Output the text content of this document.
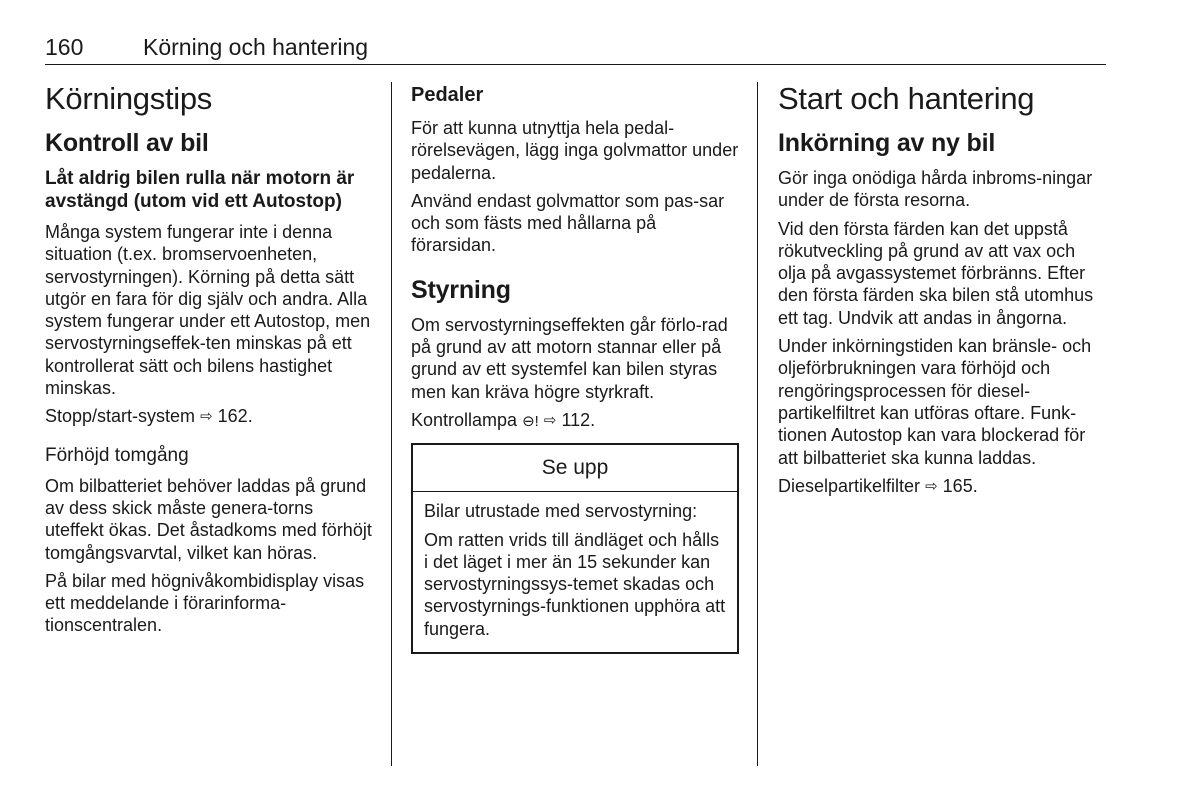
160	Körning och hantering
Körningstips
Kontroll av bil
Låt aldrig bilen rulla när motorn är avstängd (utom vid ett Autostop)

Många system fungerar inte i denna situation (t.ex. bromservoenheten, servostyrningen). Körning på detta sätt utgör en fara för dig själv och andra. Alla system fungerar under ett Autostop, men servostyrningseffek-ten minskas på ett kontrollerat sätt och bilens hastighet minskas.

Stopp/start-system ⇨ 162.

Förhöjd tomgång

Om bilbatteriet behöver laddas på grund av dess skick måste genera-torns uteffekt ökas. Det åstadkoms med förhöjt tomgångsvarvtal, vilket kan höras.

På bilar med högnivåkombidisplay visas ett meddelande i förarinforma-tionscentralen.

Pedaler

För att kunna utnyttja hela pedal-rörelsevägen, lägg inga golvmattor under pedalerna.

Använd endast golvmattor som pas-sar och som fästs med hållarna på förarsidan.

Styrning

Om servostyrningseffekten går förlo-rad på grund av att motorn stannar eller på grund av ett systemfel kan bilen styras men kan kräva högre styrkraft.

Kontrollampa ⊖! ⇨ 112.

Se upp

Bilar utrustade med servostyrning:

Om ratten vrids till ändläget och hålls i det läget i mer än 15 sekunder kan servostyrningssys-temet skadas och servostyrnings-funktionen upphöra att fungera.

Start och hantering
Inkörning av ny bil

Gör inga onödiga hårda inbroms-ningar under de första resorna.

Vid den första färden kan det uppstå rökutveckling på grund av att vax och olja på avgassystemet förbränns. Efter den första färden ska bilen stå utomhus ett tag. Undvik att andas in ångorna.

Under inkörningstiden kan bränsle- och oljeförbrukningen vara förhöjd och rengöringsprocessen för diesel-partikelfiltret kan utföras oftare. Funk-tionen Autostop kan vara blockerad för att bilbatteriet ska kunna laddas.

Dieselpartikelfilter ⇨ 165.
